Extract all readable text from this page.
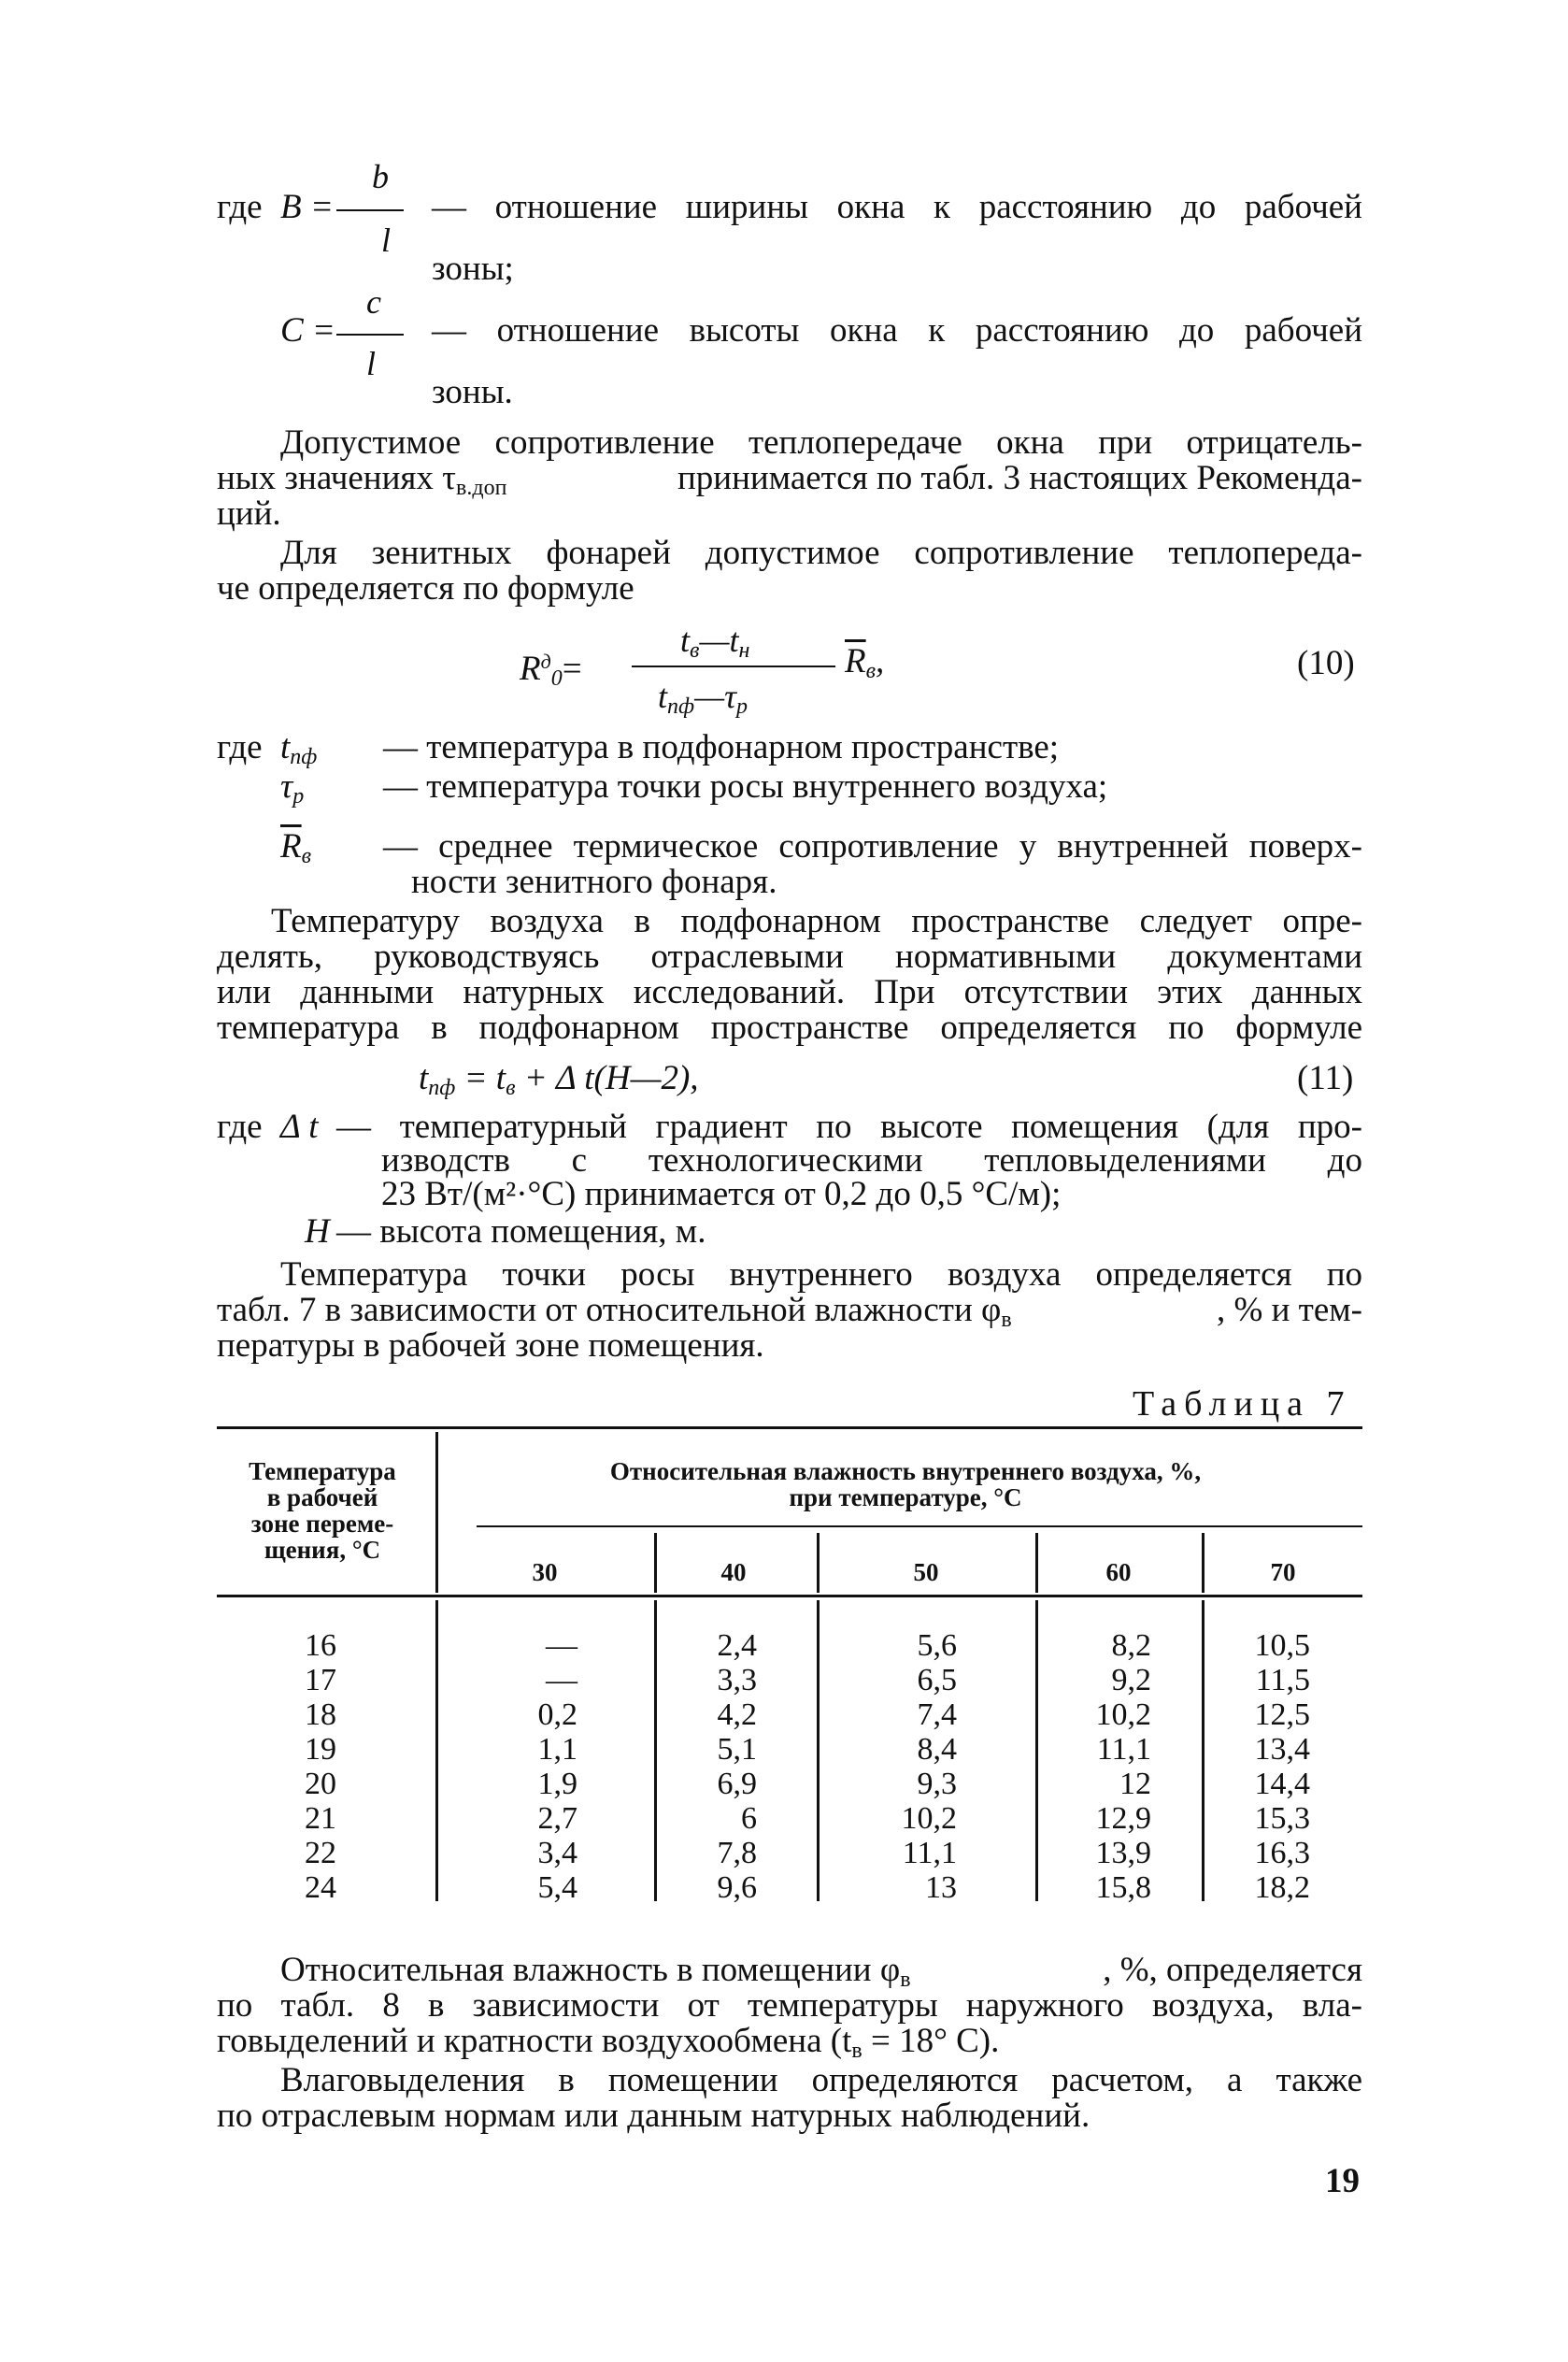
b
где B =
l
— отношение ширины окна к расстоянию до рабочей
зоны;
c
C =
l
— отношение высоты окна к расстоянию до рабочей
зоны.
Допустимое сопротивление теплопередаче окна при отрицатель-
ных значениях $\tau_{в.доп}$	принимается по табл. 3 настоящих Рекоменда-
ций.
Для зенитных фонарей допустимое сопротивление теплопереда-
че определяется по формуле
$t_в—t_н$
$R^д_0=$
$t_{пф}—\tau_р$
$\overline{R}_в$,	(10)
где $t_{пф}$ — температура в подфонарном пространстве;
$\tau_р$ — температура точки росы внутреннего воздуха;
$\overline{R}_в$ — среднее термическое сопротивление у внутренней поверх-
ности зенитного фонаря.
Температуру воздуха в подфонарном пространстве следует опре-
делять, руководствуясь отраслевыми нормативными документами
или данными натурных исследований. При отсутствии этих данных
температура в подфонарном пространстве определяется по формуле
$t_{пф} = t_в + \Delta$ t(H—2),	(11)
где Δ t — температурный градиент по высоте помещения (для про-
изводств с технологическими тепловыделениями до
23 Вт/(м²·°С) принимается от 0,2 до 0,5 °С/м);
H — высота помещения, м.
Температура точки росы внутреннего воздуха определяется по
табл. 7 в зависимости от относительной влажности $\varphi_в$	, % и тем-
пературы в рабочей зоне помещения.
Таблица 7
Температура
в рабочей
зоне переме-
щения, °С
Относительная влажность внутреннего воздуха, %,
при температуре, °С
30	40	50	60	70
16	—	2,4	5,6	8,2	10,5
17	—	3,3	6,5	9,2	11,5
18	0,2	4,2	7,4	10,2	12,5
19	1,1	5,1	8,4	11,1	13,4
20	1,9	6,9	9,3	12	14,4
21	2,7	6	10,2	12,9	15,3
22	3,4	7,8	11,1	13,9	16,3
24	5,4	9,6	13	15,8	18,2
Относительная влажность в помещении $\varphi_в$	, %, определяется
по табл. 8 в зависимости от температуры наружного воздуха, вла-
говыделений и кратности воздухообмена ($t_в = 18^\circ$ С).
Влаговыделения в помещении определяются расчетом, а также
по отраслевым нормам или данным натурных наблюдений.
19
